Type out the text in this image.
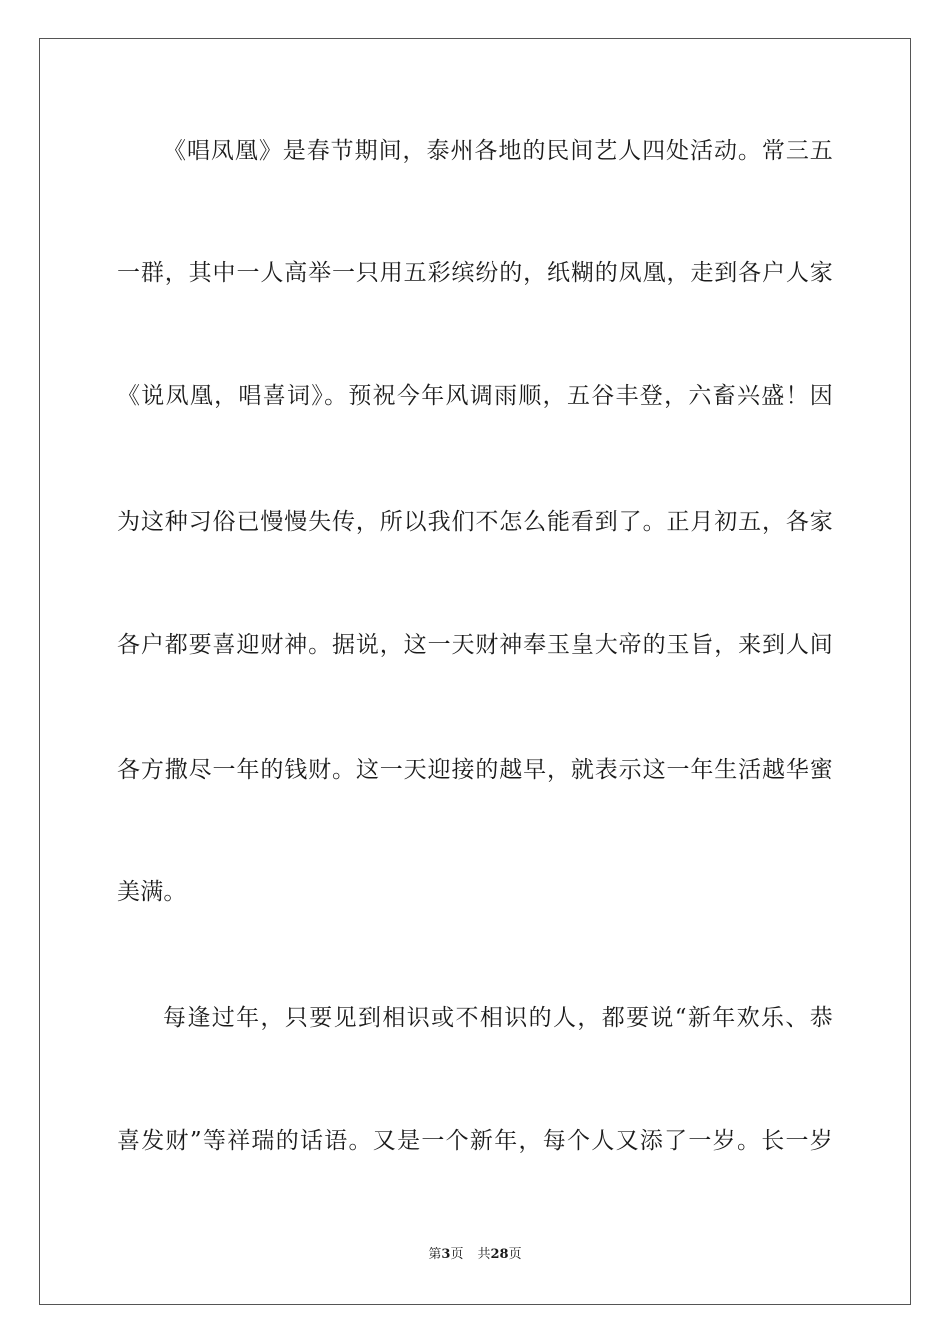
《唱凤凰》是春节期间，泰州各地的民间艺人四处活动。常三五
一群，其中一人高举一只用五彩缤纷的，纸糊的凤凰，走到各户人家
《说凤凰，唱喜词》。预祝今年风调雨顺，五谷丰登，六畜兴盛！因
为这种习俗已慢慢失传，所以我们不怎么能看到了。正月初五，各家
各户都要喜迎财神。据说，这一天财神奉玉皇大帝的玉旨，来到人间
各方撒尽一年的钱财。这一天迎接的越早，就表示这一年生活越华蜜
美满。
每逢过年，只要见到相识或不相识的人，都要说“新年欢乐、恭
喜发财”等祥瑞的话语。又是一个新年，每个人又添了一岁。长一岁
第3页 共28页
